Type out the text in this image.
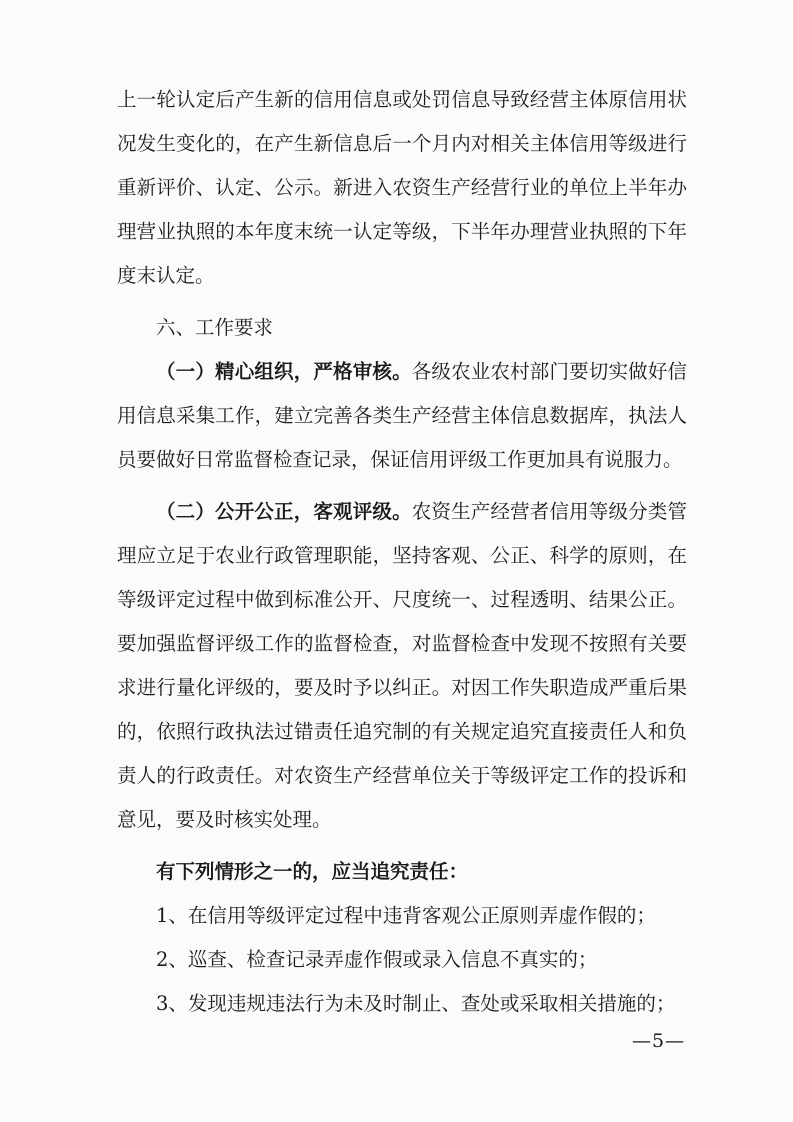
上一轮认定后产生新的信用信息或处罚信息导致经营主体原信用状况发生变化的，在产生新信息后一个月内对相关主体信用等级进行重新评价、认定、公示。新进入农资生产经营行业的单位上半年办理营业执照的本年度末统一认定等级，下半年办理营业执照的下年度末认定。

六、工作要求

（一）精心组织，严格审核。各级农业农村部门要切实做好信用信息采集工作，建立完善各类生产经营主体信息数据库，执法人员要做好日常监督检查记录，保证信用评级工作更加具有说服力。

（二）公开公正，客观评级。农资生产经营者信用等级分类管理应立足于农业行政管理职能，坚持客观、公正、科学的原则，在等级评定过程中做到标准公开、尺度统一、过程透明、结果公正。要加强监督评级工作的监督检查，对监督检查中发现不按照有关要求进行量化评级的，要及时予以纠正。对因工作失职造成严重后果的，依照行政执法过错责任追究制的有关规定追究直接责任人和负责人的行政责任。对农资生产经营单位关于等级评定工作的投诉和意见，要及时核实处理。

有下列情形之一的，应当追究责任：

1、在信用等级评定过程中违背客观公正原则弄虚作假的；

2、巡查、检查记录弄虚作假或录入信息不真实的；

3、发现违规违法行为未及时制止、查处或采取相关措施的；

—5—
